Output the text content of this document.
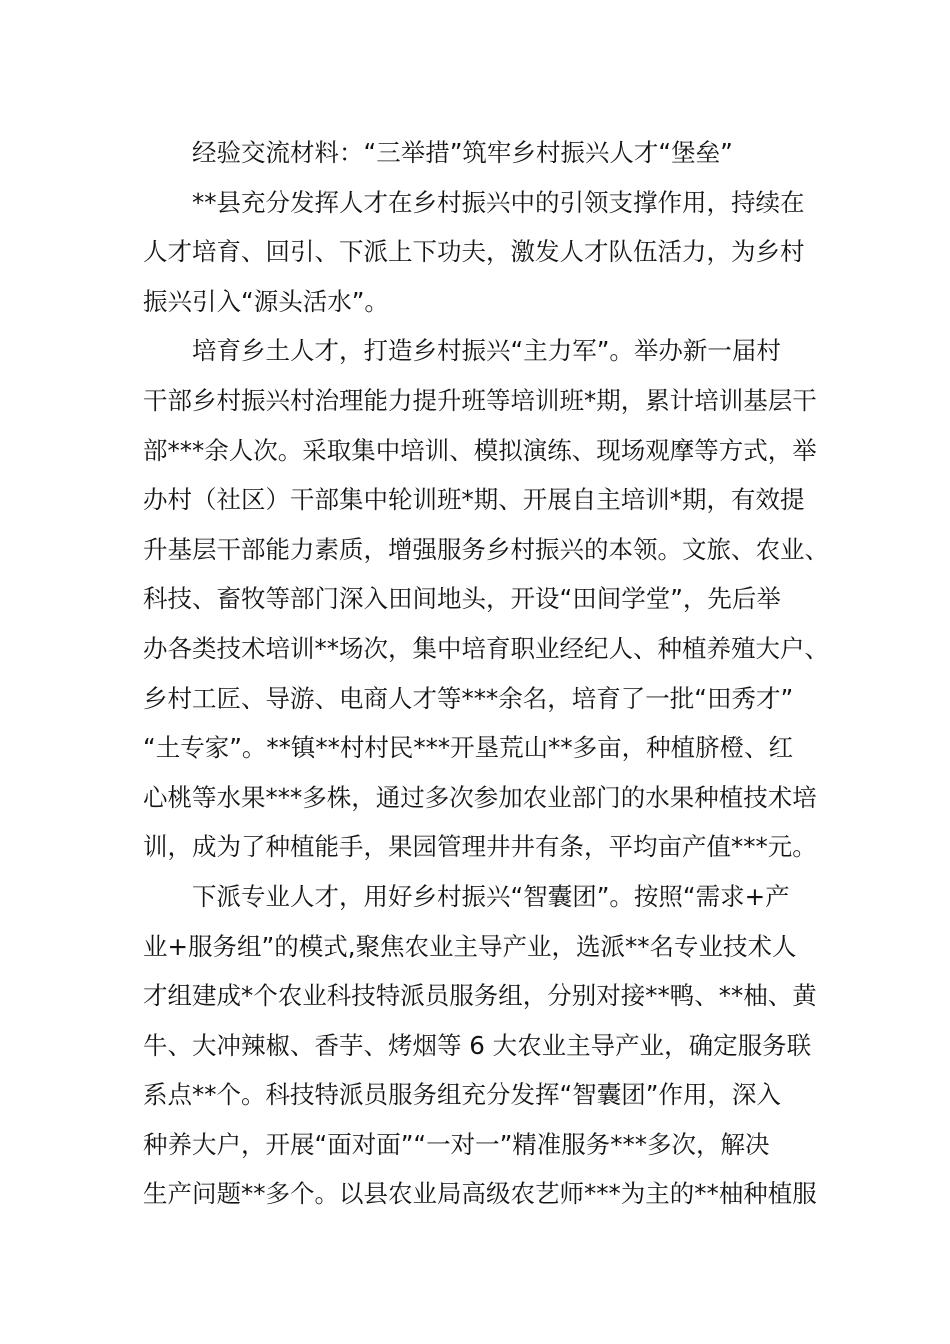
经验交流材料：“三举措”筑牢乡村振兴人才“堡垒”
**县充分发挥人才在乡村振兴中的引领支撑作用，持续在
人才培育、回引、下派上下功夫，激发人才队伍活力，为乡村
振兴引入“源头活水”。
培育乡土人才，打造乡村振兴“主力军”。举办新一届村
干部乡村振兴村治理能力提升班等培训班*期，累计培训基层干
部***余人次。采取集中培训、模拟演练、现场观摩等方式，举
办村（社区）干部集中轮训班*期、开展自主培训*期，有效提
升基层干部能力素质，增强服务乡村振兴的本领。文旅、农业、
科技、畜牧等部门深入田间地头，开设“田间学堂”，先后举
办各类技术培训**场次，集中培育职业经纪人、种植养殖大户、
乡村工匠、导游、电商人才等***余名，培育了一批“田秀才”
“土专家”。**镇**村村民***开垦荒山**多亩，种植脐橙、红
心桃等水果***多株，通过多次参加农业部门的水果种植技术培
训，成为了种植能手，果园管理井井有条，平均亩产值***元。
下派专业人才，用好乡村振兴“智囊团”。按照“需求+产
业+服务组”的模式,聚焦农业主导产业，选派**名专业技术人
才组建成*个农业科技特派员服务组，分别对接**鸭、**柚、黄
牛、大冲辣椒、香芋、烤烟等 6 大农业主导产业，确定服务联
系点**个。科技特派员服务组充分发挥“智囊团”作用，深入
种养大户，开展“面对面”“一对一”精准服务***多次，解决
生产问题**多个。以县农业局高级农艺师***为主的**柚种植服
